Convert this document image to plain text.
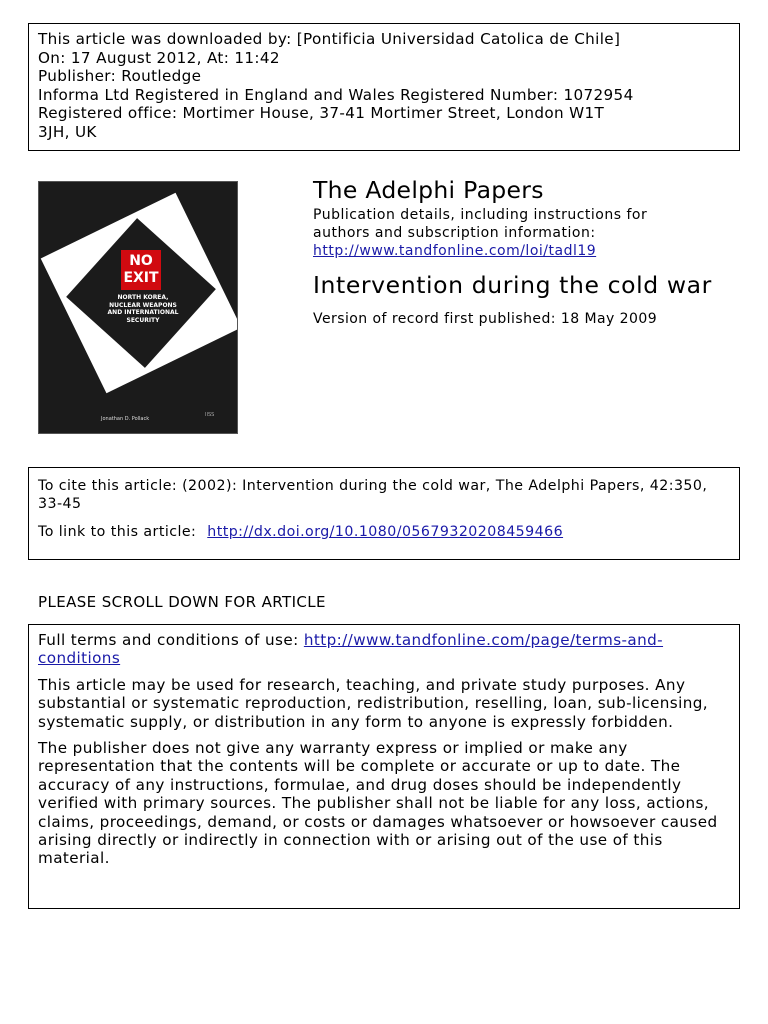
This article was downloaded by: [Pontificia Universidad Catolica de Chile]
On: 17 August 2012, At: 11:42
Publisher: Routledge
Informa Ltd Registered in England and Wales Registered Number: 1072954
Registered office: Mortimer House, 37-41 Mortimer Street, London W1T
3JH, UK
NO
EXIT
NORTH KOREA, NUCLEAR WEAPONS AND INTERNATIONAL SECURITY
Jonathan D. Pollack
IISS
The Adelphi Papers
Publication details, including instructions for
authors and subscription information:
http://www.tandfonline.com/loi/tadl19
Intervention during the cold war
Version of record first published: 18 May 2009
To cite this article: (2002): Intervention during the cold war, The Adelphi Papers, 42:350, 33-45
To link to this article: http://dx.doi.org/10.1080/05679320208459466
PLEASE SCROLL DOWN FOR ARTICLE
Full terms and conditions of use: http://www.tandfonline.com/page/terms-and-conditions
This article may be used for research, teaching, and private study purposes. Any substantial or systematic reproduction, redistribution, reselling, loan, sub-licensing, systematic supply, or distribution in any form to anyone is expressly forbidden.
The publisher does not give any warranty express or implied or make any representation that the contents will be complete or accurate or up to date. The accuracy of any instructions, formulae, and drug doses should be independently verified with primary sources. The publisher shall not be liable for any loss, actions, claims, proceedings, demand, or costs or damages whatsoever or howsoever caused arising directly or indirectly in connection with or arising out of the use of this material.
